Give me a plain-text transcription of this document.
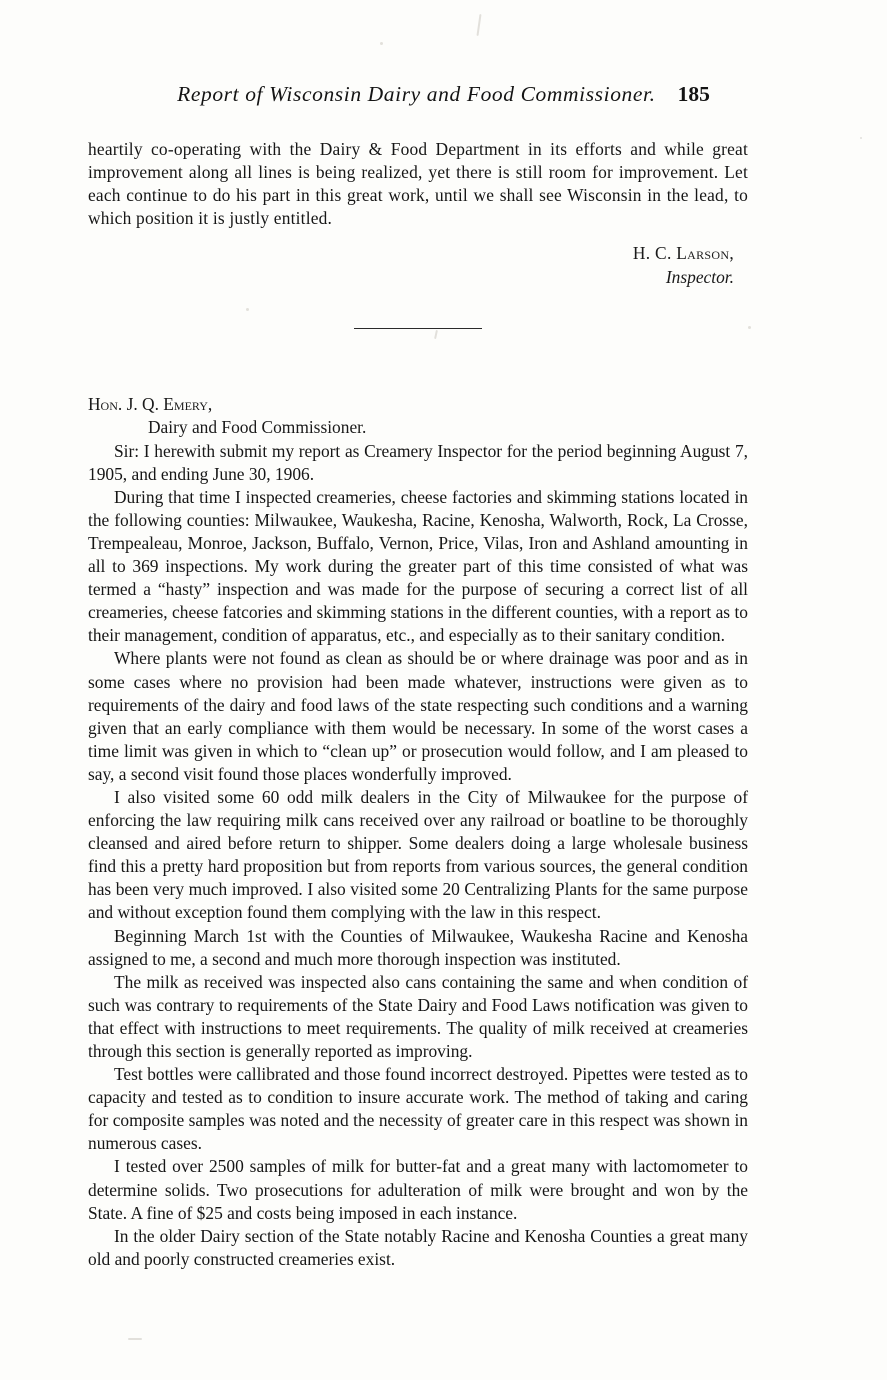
Report of Wisconsin Dairy and Food Commissioner. 185

heartily co-operating with the Dairy & Food Department in its efforts and while great improvement along all lines is being realized, yet there is still room for improvement. Let each continue to do his part in this great work, until we shall see Wisconsin in the lead, to which position it is justly entitled.

H. C. Larson,
Inspector.
Hon. J. Q. Emery,
Dairy and Food Commissioner.

Sir: I herewith submit my report as Creamery Inspector for the period beginning August 7, 1905, and ending June 30, 1906.

During that time I inspected creameries, cheese factories and skimming stations located in the following counties: Milwaukee, Waukesha, Racine, Kenosha, Walworth, Rock, La Crosse, Trempealeau, Monroe, Jackson, Buffalo, Vernon, Price, Vilas, Iron and Ashland amounting in all to 369 inspections. My work during the greater part of this time consisted of what was termed a “hasty” inspection and was made for the purpose of securing a correct list of all creameries, cheese fatcories and skimming stations in the different counties, with a report as to their management, condition of apparatus, etc., and especially as to their sanitary condition.

Where plants were not found as clean as should be or where drainage was poor and as in some cases where no provision had been made whatever, instructions were given as to requirements of the dairy and food laws of the state respecting such conditions and a warning given that an early compliance with them would be necessary. In some of the worst cases a time limit was given in which to “clean up” or prosecution would follow, and I am pleased to say, a second visit found those places wonderfully improved.

I also visited some 60 odd milk dealers in the City of Milwaukee for the purpose of enforcing the law requiring milk cans received over any railroad or boatline to be thoroughly cleansed and aired before return to shipper. Some dealers doing a large wholesale business find this a pretty hard proposition but from reports from various sources, the general condition has been very much improved. I also visited some 20 Centralizing Plants for the same purpose and without exception found them complying with the law in this respect.

Beginning March 1st with the Counties of Milwaukee, Waukesha Racine and Kenosha assigned to me, a second and much more thorough inspection was instituted.

The milk as received was inspected also cans containing the same and when condition of such was contrary to requirements of the State Dairy and Food Laws notification was given to that effect with instructions to meet requirements. The quality of milk received at creameries through this section is generally reported as improving.

Test bottles were callibrated and those found incorrect destroyed. Pipettes were tested as to capacity and tested as to condition to insure accurate work. The method of taking and caring for composite samples was noted and the necessity of greater care in this respect was shown in numerous cases.

I tested over 2500 samples of milk for butter-fat and a great many with lactomometer to determine solids. Two prosecutions for adulteration of milk were brought and won by the State. A fine of $25 and costs being imposed in each instance.

In the older Dairy section of the State notably Racine and Kenosha Counties a great many old and poorly constructed creameries exist.
